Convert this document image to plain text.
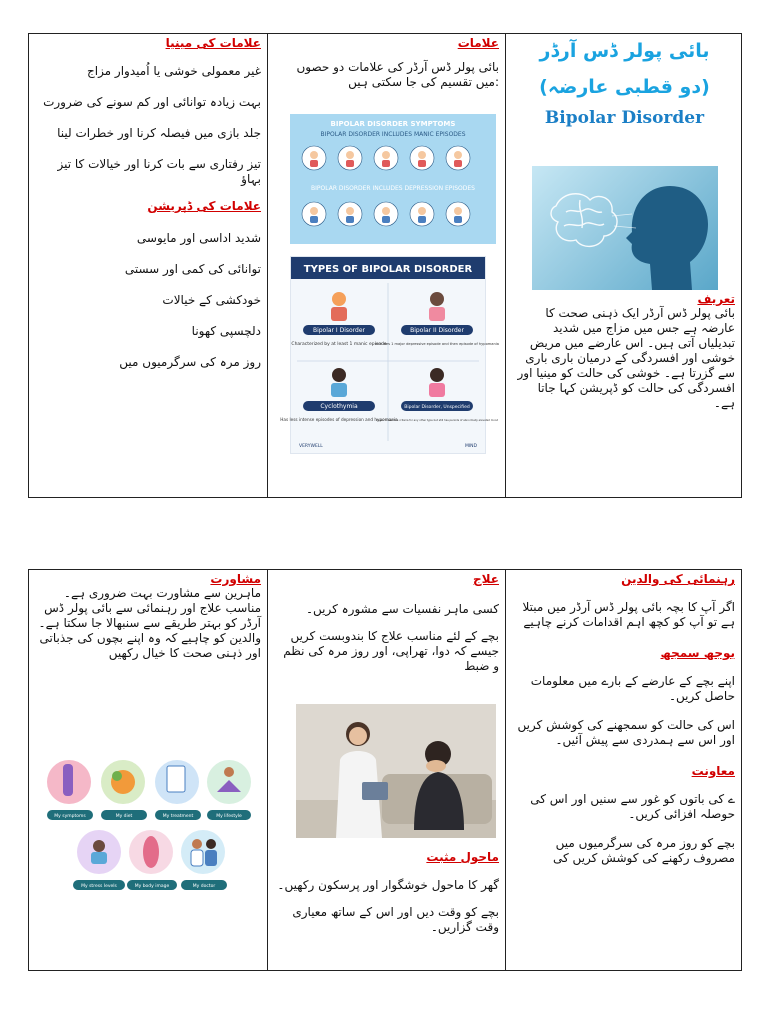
علامات کی مینیا

غیر معمولی خوشی یا اُمیدوار مزاج

بہت زیادہ توانائی اور کم سونے کی ضرورت

جلد بازی میں فیصلہ کرنا اور خطرات لینا

تیز رفتاری سے بات کرنا اور خیالات کا تیز بہاؤ

علامات کی ڈپریشن

شدید اداسی اور مایوسی

توانائی کی کمی اور سستی

خودکشی کے خیالات

دلچسپی کھونا

روز مرہ کی سرگرمیوں میں

علامات

بائی پولر ڈس آرڈر کی علامات دو حصوں :میں تقسیم کی جا سکتی ہیں

BIPOLAR DISORDER SYMPTOMS
BIPOLAR DISORDER INCLUDES MANIC EPISODES
BIPOLAR DISORDER INCLUDES DEPRESSION EPISODES
TYPES OF BIPOLAR DISORDER
Bipolar I Disorder
Characterized by at least 1 manic episode
Bipolar II Disorder
Includes 1 major depressive episode and then episode of hypomania
Cyclothymia
Has less intense episodes of depression and hypomania
Bipolar Disorder, Unspecified
Doesn't meet the criteria for any other type but still has periods of abnormally elevated mood
VERYWELL	MIND

بائی پولر ڈس آرڈر

(دو قطبی عارضہ)

Bipolar Disorder

تعریف

بائی پولر ڈس آرڈر ایک ذہنی صحت کا عارضہ ہے جس میں مزاج میں شدید تبدیلیاں آتی ہیں۔ اس عارضے میں مریض خوشی اور افسردگی کے درمیان باری باری سے گزرتا ہے۔ خوشی کی حالت کو مینیا اور افسردگی کی حالت کو ڈپریشن کہا جاتا ہے۔

مشاورت

ماہرین سے مشاورت بہت ضروری ہے۔ مناسب علاج اور رہنمائی سے بائی پولر ڈس آرڈر کو بہتر طریقے سے سنبھالا جا سکتا ہے۔ والدین کو چاہیے کہ وہ اپنے بچوں کی جذباتی اور ذہنی صحت کا خیال رکھیں

My symptoms	My diet	My treatment	My lifestyle
My stress levels	My body image	My doctor

علاج

کسی ماہر نفسیات سے مشورہ کریں۔

بچے کے لئے مناسب علاج کا بندوبست کریں جیسے کہ دوا، تھراپی، اور روز مرہ کی نظم و ضبط

ماحول مثبت

گھر کا ماحول خوشگوار اور پرسکون رکھیں۔

بچے کو وقت دیں اور اس کے ساتھ معیاری وقت گزاریں۔

رہنمائی کی والدین

اگر آپ کا بچہ بائی پولر ڈس آرڈر میں مبتلا ہے تو آپ کو کچھ اہم اقدامات کرنے چاہیے

بوجھ سمجھ

اپنے بچے کے عارضے کے بارے میں معلومات حاصل کریں۔

اس کی حالت کو سمجھنے کی کوشش کریں اور اس سے ہمدردی سے پیش آئیں۔

معاونت

ے کی باتوں کو غور سے سنیں اور اس کی حوصلہ افزائی کریں۔

بچے کو روز مرہ کی سرگرمیوں میں مصروف رکھنے کی کوشش کریں کی
